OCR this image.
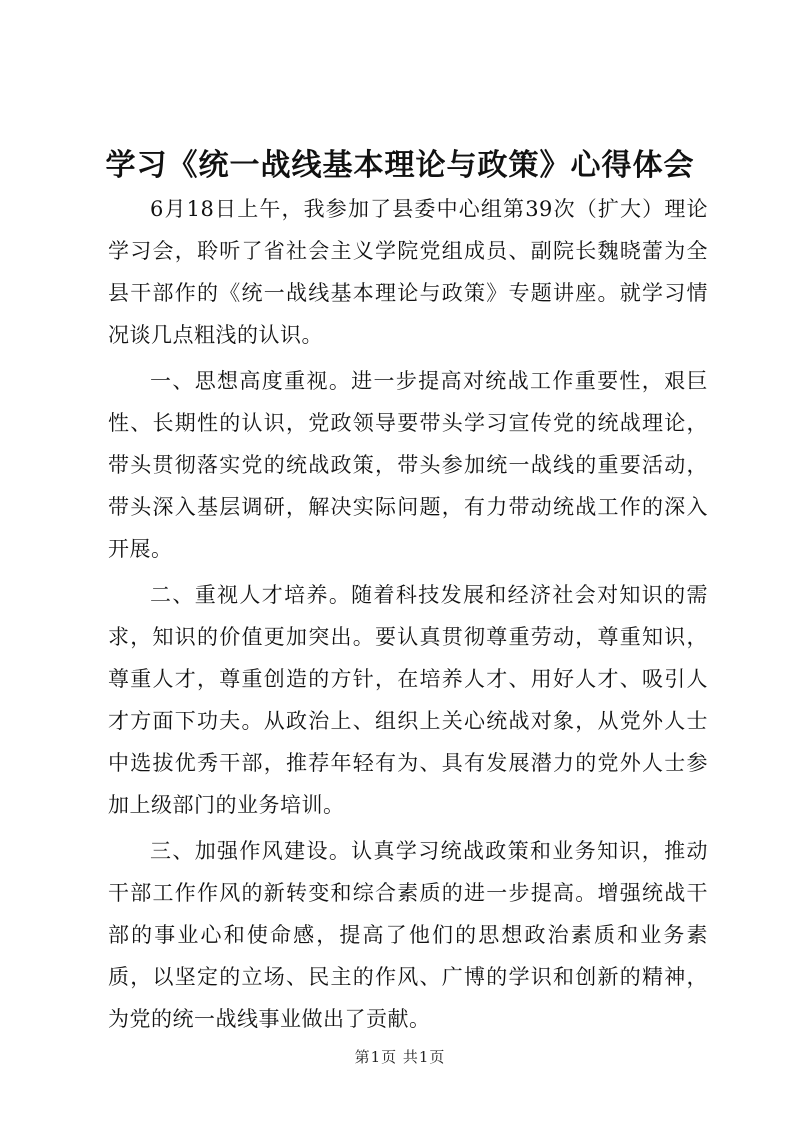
学习《统一战线基本理论与政策》心得体会

6月18日上午，我参加了县委中心组第39次（扩大）理论学习会，聆听了省社会主义学院党组成员、副院长魏晓蕾为全县干部作的《统一战线基本理论与政策》专题讲座。就学习情况谈几点粗浅的认识。

一、思想高度重视。进一步提高对统战工作重要性，艰巨性、长期性的认识，党政领导要带头学习宣传党的统战理论，带头贯彻落实党的统战政策，带头参加统一战线的重要活动，带头深入基层调研，解决实际问题，有力带动统战工作的深入开展。

二、重视人才培养。随着科技发展和经济社会对知识的需求，知识的价值更加突出。要认真贯彻尊重劳动，尊重知识，尊重人才，尊重创造的方针，在培养人才、用好人才、吸引人才方面下功夫。从政治上、组织上关心统战对象，从党外人士中选拔优秀干部，推荐年轻有为、具有发展潜力的党外人士参加上级部门的业务培训。

三、加强作风建设。认真学习统战政策和业务知识，推动干部工作作风的新转变和综合素质的进一步提高。增强统战干部的事业心和使命感，提高了他们的思想政治素质和业务素质，以坚定的立场、民主的作风、广博的学识和创新的精神，为党的统一战线事业做出了贡献。

第1页 共1页
